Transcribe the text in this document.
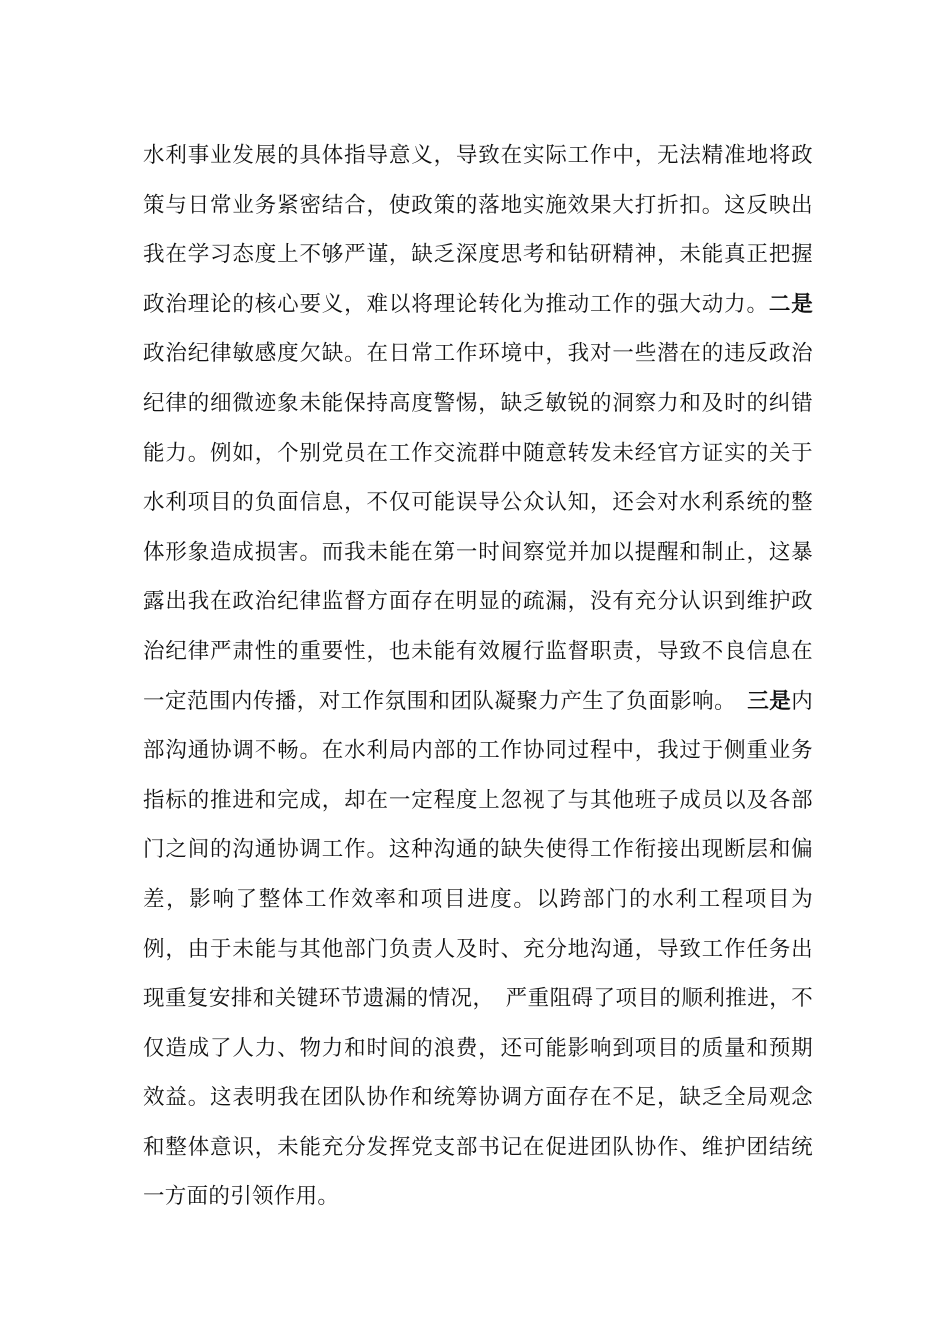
水利事业发展的具体指导意义，导致在实际工作中，无法精准地将政策与日常业务紧密结合，使政策的落地实施效果大打折扣。这反映出我在学习态度上不够严谨，缺乏深度思考和钻研精神，未能真正把握政治理论的核心要义，难以将理论转化为推动工作的强大动力。二是政治纪律敏感度欠缺。在日常工作环境中，我对一些潜在的违反政治纪律的细微迹象未能保持高度警惕，缺乏敏锐的洞察力和及时的纠错能力。例如，个别党员在工作交流群中随意转发未经官方证实的关于水利项目的负面信息，不仅可能误导公众认知，还会对水利系统的整体形象造成损害。而我未能在第一时间察觉并加以提醒和制止，这暴露出我在政治纪律监督方面存在明显的疏漏，没有充分认识到维护政治纪律严肃性的重要性，也未能有效履行监督职责，导致不良信息在一定范围内传播，对工作氛围和团队凝聚力产生了负面影响。　三是内部沟通协调不畅。在水利局内部的工作协同过程中，我过于侧重业务指标的推进和完成，却在一定程度上忽视了与其他班子成员以及各部门之间的沟通协调工作。这种沟通的缺失使得工作衔接出现断层和偏差，影响了整体工作效率和项目进度。以跨部门的水利工程项目为例，由于未能与其他部门负责人及时、充分地沟通，导致工作任务出现重复安排和关键环节遗漏的情况，　严重阻碍了项目的顺利推进，不仅造成了人力、物力和时间的浪费，还可能影响到项目的质量和预期效益。这表明我在团队协作和统筹协调方面存在不足，缺乏全局观念和整体意识，未能充分发挥党支部书记在促进团队协作、维护团结统一方面的引领作用。
